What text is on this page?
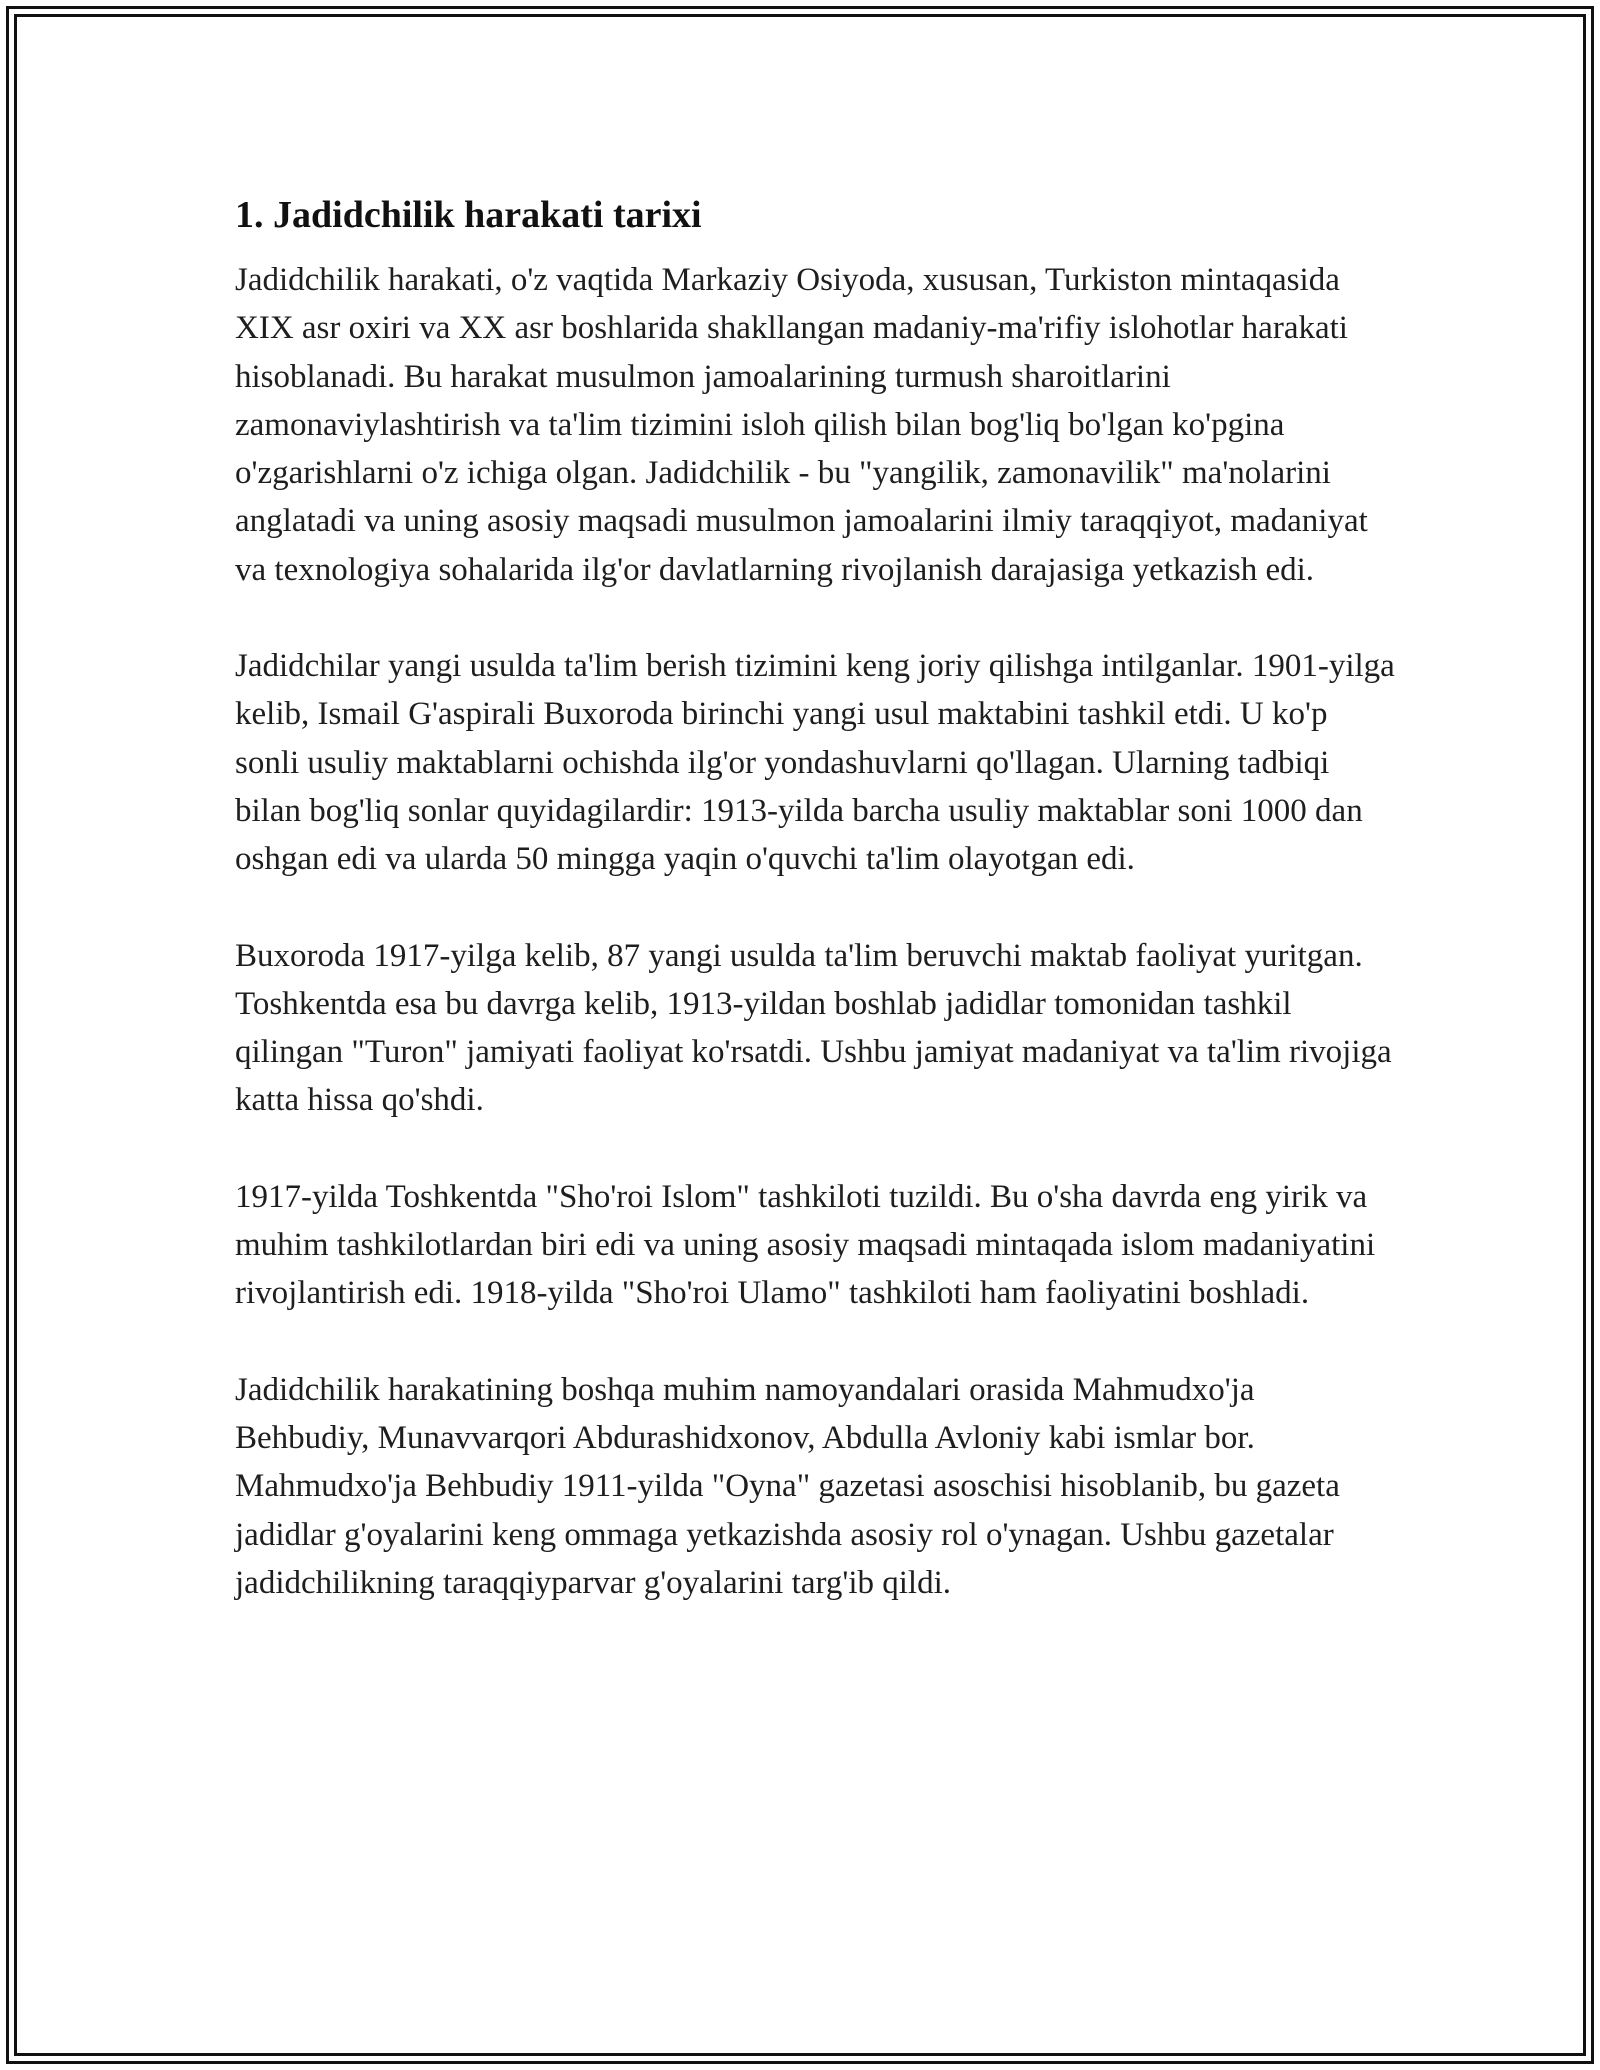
1. Jadidchilik harakati tarixi

Jadidchilik harakati, o'z vaqtida Markaziy Osiyoda, xususan, Turkiston mintaqasida XIX asr oxiri va XX asr boshlarida shakllangan madaniy-ma'rifiy islohotlar harakati hisoblanadi. Bu harakat musulmon jamoalarining turmush sharoitlarini zamonaviylashtirish va ta'lim tizimini isloh qilish bilan bog'liq bo'lgan ko'pgina o'zgarishlarni o'z ichiga olgan. Jadidchilik - bu "yangilik, zamonavilik" ma'nolarini anglatadi va uning asosiy maqsadi musulmon jamoalarini ilmiy taraqqiyot, madaniyat va texnologiya sohalarida ilg'or davlatlarning rivojlanish darajasiga yetkazish edi.

Jadidchilar yangi usulda ta'lim berish tizimini keng joriy qilishga intilganlar. 1901-yilga kelib, Ismail G'aspirali Buxoroda birinchi yangi usul maktabini tashkil etdi. U ko'p sonli usuliy maktablarni ochishda ilg'or yondashuvlarni qo'llagan. Ularning tadbiqi bilan bog'liq sonlar quyidagilardir: 1913-yilda barcha usuliy maktablar soni 1000 dan oshgan edi va ularda 50 mingga yaqin o'quvchi ta'lim olayotgan edi.

Buxoroda 1917-yilga kelib, 87 yangi usulda ta'lim beruvchi maktab faoliyat yuritgan. Toshkentda esa bu davrga kelib, 1913-yildan boshlab jadidlar tomonidan tashkil qilingan "Turon" jamiyati faoliyat ko'rsatdi. Ushbu jamiyat madaniyat va ta'lim rivojiga katta hissa qo'shdi.

1917-yilda Toshkentda "Sho'roi Islom" tashkiloti tuzildi. Bu o'sha davrda eng yirik va muhim tashkilotlardan biri edi va uning asosiy maqsadi mintaqada islom madaniyatini rivojlantirish edi. 1918-yilda "Sho'roi Ulamo" tashkiloti ham faoliyatini boshladi.

Jadidchilik harakatining boshqa muhim namoyandalari orasida Mahmudxo'ja Behbudiy, Munavvarqori Abdurashidxonov, Abdulla Avloniy kabi ismlar bor. Mahmudxo'ja Behbudiy 1911-yilda "Oyna" gazetasi asoschisi hisoblanib, bu gazeta jadidlar g'oyalarini keng ommaga yetkazishda asosiy rol o'ynagan. Ushbu gazetalar jadidchilikning taraqqiyparvar g'oyalarini targ'ib qildi.
